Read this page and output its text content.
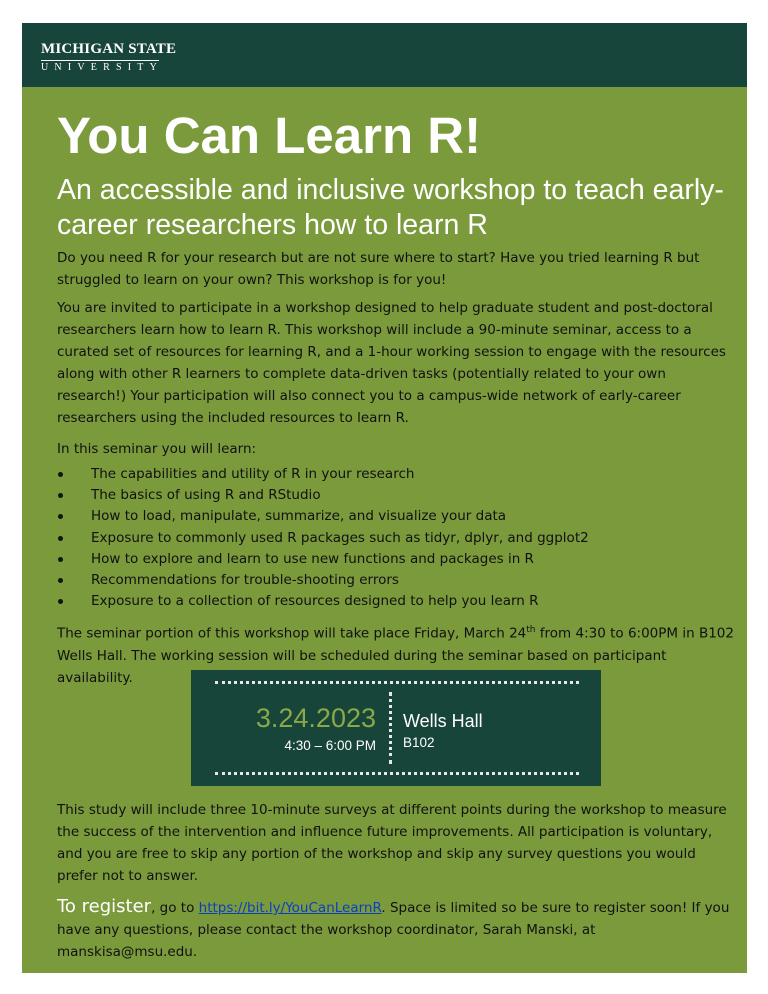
MICHIGAN STATE
UNIVERSITY
You Can Learn R!
An accessible and inclusive workshop to teach early-career researchers how to learn R

Do you need R for your research but are not sure where to start? Have you tried learning R but struggled to learn on your own? This workshop is for you!

You are invited to participate in a workshop designed to help graduate student and post-doctoral researchers learn how to learn R. This workshop will include a 90-minute seminar, access to a curated set of resources for learning R, and a 1-hour working session to engage with the resources along with other R learners to complete data-driven tasks (potentially related to your own research!) Your participation will also connect you to a campus-wide network of early-career researchers using the included resources to learn R.

In this seminar you will learn:

The capabilities and utility of R in your research
The basics of using R and RStudio
How to load, manipulate, summarize, and visualize your data
Exposure to commonly used R packages such as tidyr, dplyr, and ggplot2
How to explore and learn to use new functions and packages in R
Recommendations for trouble-shooting errors
Exposure to a collection of resources designed to help you learn R

The seminar portion of this workshop will take place Friday, March 24th from 4:30 to 6:00PM in B102 Wells Hall. The working session will be scheduled during the seminar based on participant availability.

3.24.2023
4:30 – 6:00 PM
Wells Hall
B102

This study will include three 10-minute surveys at different points during the workshop to measure the success of the intervention and influence future improvements. All participation is voluntary, and you are free to skip any portion of the workshop and skip any survey questions you would prefer not to answer.

To register, go to https://bit.ly/YouCanLearnR. Space is limited so be sure to register soon! If you have any questions, please contact the workshop coordinator, Sarah Manski, at manskisa@msu.edu.
